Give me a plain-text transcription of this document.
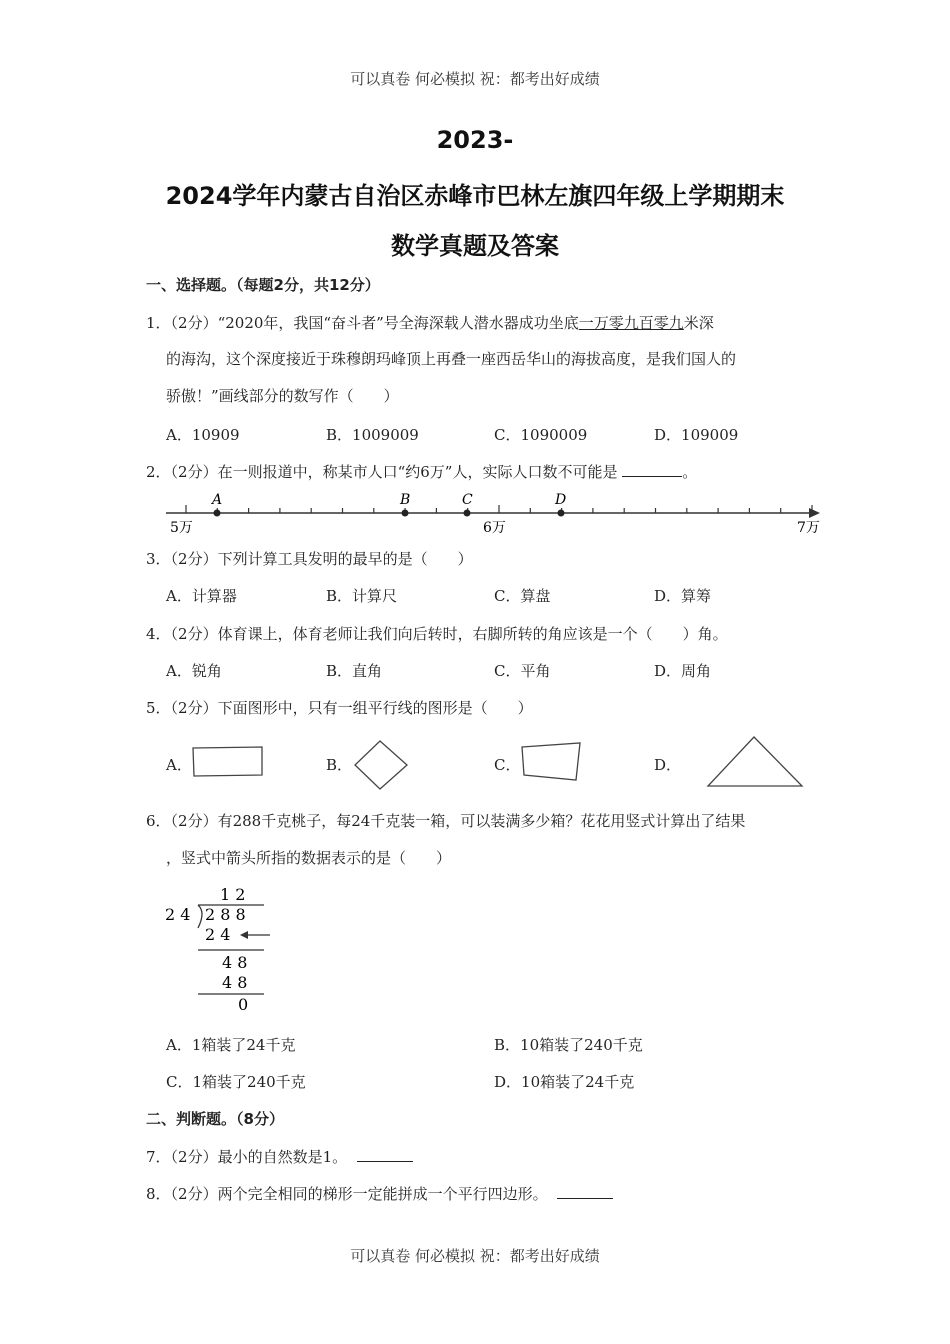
可以真卷 何必模拟 祝：都考出好成绩
2023-
2024学年内蒙古自治区赤峰市巴林左旗四年级上学期期末
数学真题及答案
一、选择题。（每题2分，共12分）
1．（2分）“2020年，我国“奋斗者”号全海深载人潜水器成功坐底一万零九百零九米深
的海沟，这个深度接近于珠穆朗玛峰顶上再叠一座西岳华山的海拔高度，是我们国人的
骄傲！”画线部分的数写作（　　）
A．10909	B．1009009	C．1090009	D．109009
2．（2分）在一则报道中，称某市人口“约6万”人，实际人口数不可能是	。
A	B	C	D
5万	6万	7万
3．（2分）下列计算工具发明的最早的是（　　）
A．计算器	B．计算尺	C．算盘	D．算筹
4．（2分）体育课上，体育老师让我们向后转时，右脚所转的角应该是一个（　　）角。
A．锐角	B．直角	C．平角	D．周角
5．（2分）下面图形中，只有一组平行线的图形是（　　）
A．	B．	C．	D．
6．（2分）有288千克桃子，每24千克装一箱，可以装满多少箱？花花用竖式计算出了结果
，竖式中箭头所指的数据表示的是（　　）
1 2
2 4 2 8 8
2 4
4 8
4 8
0
A．1箱装了24千克	B．10箱装了240千克
C．1箱装了240千克	D．10箱装了24千克
二、判断题。（8分）
7．（2分）最小的自然数是1。
8．（2分）两个完全相同的梯形一定能拼成一个平行四边形。
可以真卷 何必模拟 祝：都考出好成绩
